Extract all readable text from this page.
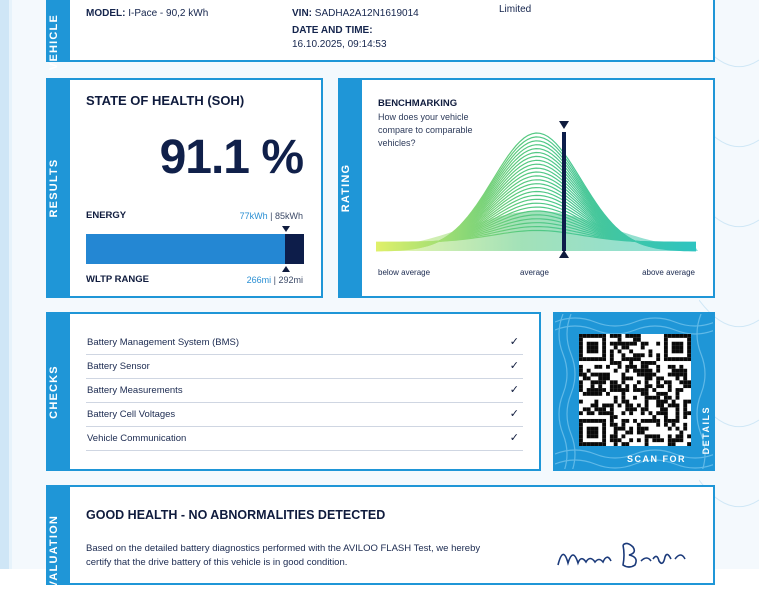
VEHICLE
MODEL: I-Pace - 90,2 kWh	VIN: SADHA2A12N1619014
DATE AND TIME:
16.10.2025, 09:14:53
Limited
RESULTS
STATE OF HEALTH (SOH)
91.1 %
ENERGY	77kWh | 85kWh
WLTP RANGE	266mi | 292mi
RATING
BENCHMARKING
How does your vehicle compare to comparable vehicles?
below average	average	above average
CHECKS
Battery Management System (BMS)	✓
Battery Sensor	✓
Battery Measurements	✓
Battery Cell Voltages	✓
Vehicle Communication	✓
SCAN FOR
DETAILS
EVALUATION	GOOD HEALTH - NO ABNORMALITIES DETECTED
Based on the detailed battery diagnostics performed with the AVILOO FLASH Test, we hereby certify that the drive battery of this vehicle is in good condition.
